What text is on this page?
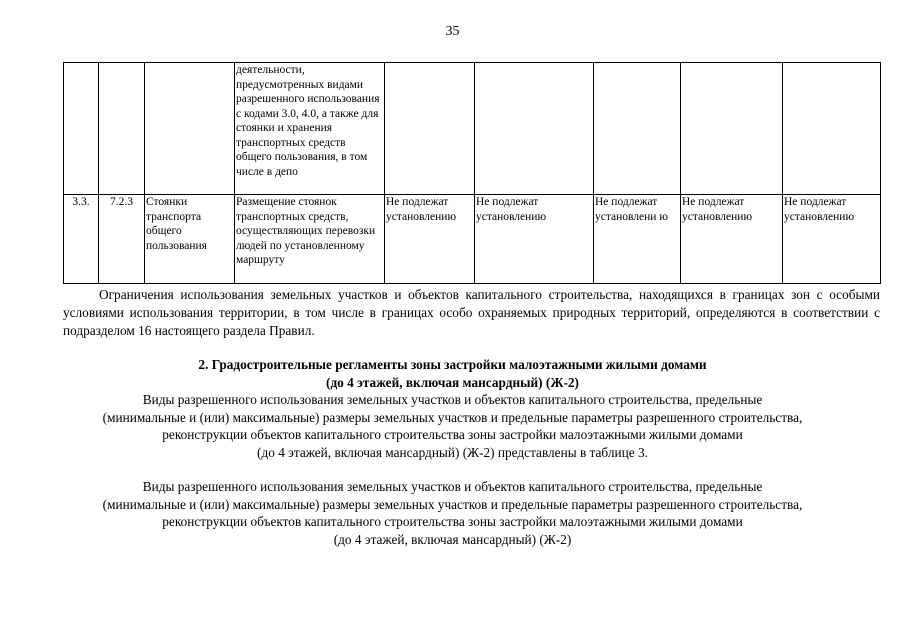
35
			деятельности, предусмотренных видами разрешенного использования с кодами 3.0, 4.0, а также для стоянки и хранения транспортных средств общего пользования, в том числе в депо					
3.3.	7.2.3	Стоянки транспорта общего пользования	Размещение стоянок транспортных средств, осуществляющих перевозки людей по установленному маршруту	Не подлежат установлению	Не подлежат установлению	Не подлежат установлени ю	Не подлежат установлению	Не подлежат установлению
Ограничения использования земельных участков и объектов капитального строительства, находящихся в границах зон с особыми условиями использования территории, в том числе в границах особо охраняемых природных территорий, определяются в соответствии с подразделом 16 настоящего раздела Правил.
2. Градостроительные регламенты зоны застройки малоэтажными жилыми домами
(до 4 этажей, включая мансардный) (Ж-2)
Виды разрешенного использования земельных участков и объектов капитального строительства, предельные
(минимальные и (или) максимальные) размеры земельных участков и предельные параметры разрешенного строительства,
реконструкции объектов капитального строительства зоны застройки малоэтажными жилыми домами
(до 4 этажей, включая мансардный) (Ж-2) представлены в таблице 3.
Виды разрешенного использования земельных участков и объектов капитального строительства, предельные
(минимальные и (или) максимальные) размеры земельных участков и предельные параметры разрешенного строительства,
реконструкции объектов капитального строительства зоны застройки малоэтажными жилыми домами
(до 4 этажей, включая мансардный) (Ж-2)
